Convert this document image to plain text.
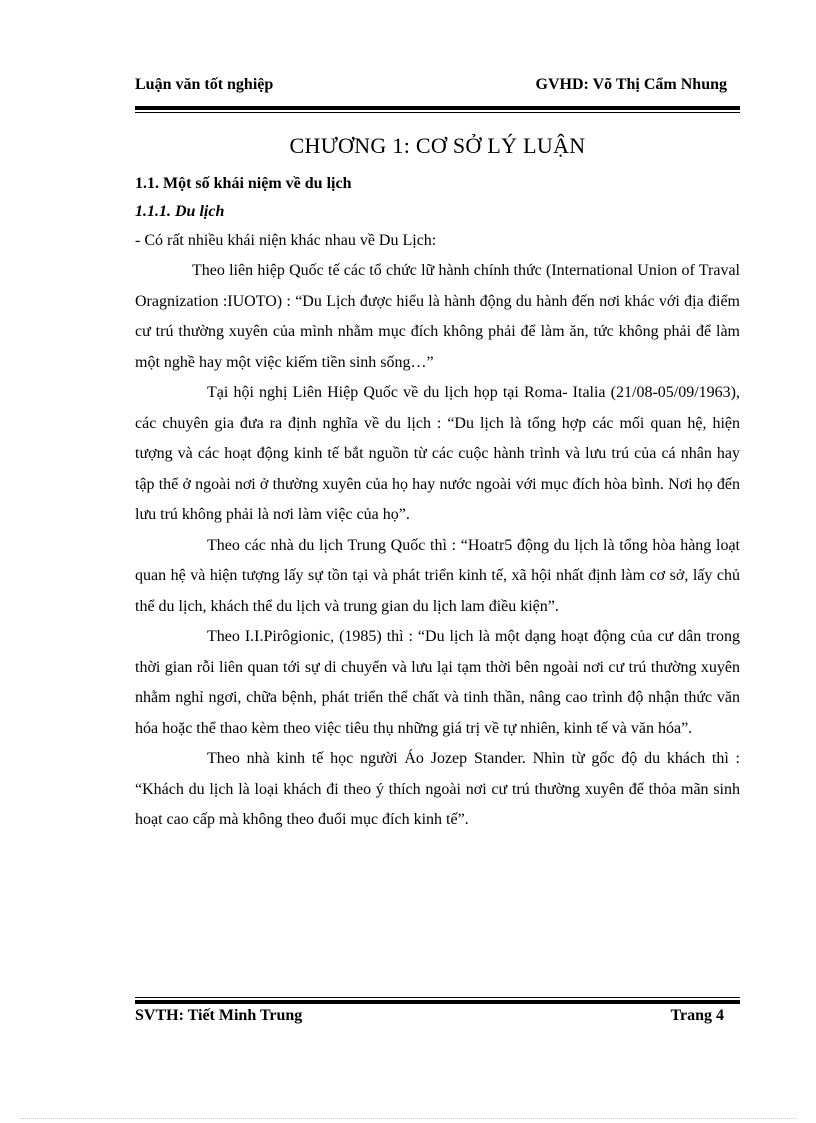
Luận văn tốt nghiệp	GVHD: Võ Thị Cẩm Nhung
CHƯƠNG 1: CƠ SỞ LÝ LUẬN

1.1. Một số khái niệm về du lịch

1.1.1. Du lịch

- Có rất nhiều khái niện khác nhau về Du Lịch:

Theo liên hiệp Quốc tế các tổ chức lữ hành chính thức (International Union of Traval Oragnization :IUOTO) : “Du Lịch được hiểu là hành động du hành đến nơi khác với địa điểm cư trú thường xuyên của mình nhằm mục đích không phải để làm ăn, tức không phải để làm một nghề hay một việc kiếm tiền sinh sống…”

Tại hội nghị Liên Hiệp Quốc về du lịch họp tại Roma- Italia (21/08-05/09/1963), các chuyên gia đưa ra định nghĩa về du lịch : “Du lịch là tổng hợp các mối quan hệ, hiện tượng và các hoạt động kinh tế bắt nguồn từ các cuộc hành trình và lưu trú của cá nhân hay tập thể ở ngoài nơi ở thường xuyên của họ hay nước ngoài với mục đích hòa bình. Nơi họ đến lưu trú không phải là nơi làm việc của họ”.

Theo các nhà du lịch Trung Quốc thì : “Hoatr5 động du lịch là tổng hòa hàng loạt quan hệ và hiện tượng lấy sự tồn tại và phát triển kinh tế, xã hội nhất định làm cơ sở, lấy chủ thể du lịch, khách thể du lịch và trung gian du lịch lam điều kiện”.

Theo I.I.Pirôgionic, (1985) thì : “Du lịch là một dạng hoạt động của cư dân trong thời gian rỗi liên quan tới sự di chuyển và lưu lại tạm thời bên ngoài nơi cư trú thường xuyên nhằm nghỉ ngơi, chữa bệnh, phát triển thể chất và tinh thần, nâng cao trình độ nhận thức văn hóa hoặc thể thao kèm theo việc tiêu thụ những giá trị về tự nhiên, kinh tế và văn hóa”.

Theo nhà kinh tế học người Áo Jozep Stander. Nhìn từ gốc độ du khách thì : “Khách du lịch là loại khách đi theo ý thích ngoài nơi cư trú thường xuyên để thỏa mãn sinh hoạt cao cấp mà không theo đuổi mục đích kinh tế”.

SVTH: Tiết Minh Trung	Trang 4
